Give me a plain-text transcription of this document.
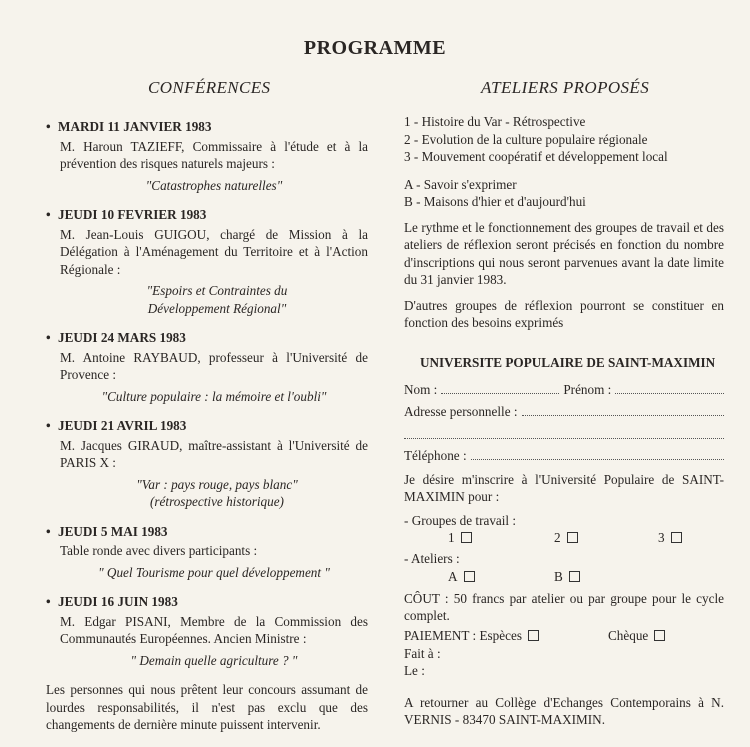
PROGRAMME
CONFÉRENCES	ATELIERS PROPOSÉS
• MARDI 11 JANVIER 1983
M. Haroun TAZIEFF, Commissaire à l'étude et à la prévention des risques naturels majeurs :
"Catastrophes naturelles"
• JEUDI 10 FEVRIER 1983
M. Jean-Louis GUIGOU, chargé de Mission à la Délégation à l'Aménagement du Territoire et à l'Action Régionale :
"Espoirs et Contraintes du Développement Régional"
• JEUDI 24 MARS 1983
M. Antoine RAYBAUD, professeur à l'Université de Provence :
"Culture populaire : la mémoire et l'oubli"
• JEUDI 21 AVRIL 1983
M. Jacques GIRAUD, maître-assistant à l'Université de PARIS X :
"Var : pays rouge, pays blanc" (rétrospective historique)
• JEUDI 5 MAI 1983
Table ronde avec divers participants :
" Quel Tourisme pour quel développement "
• JEUDI 16 JUIN 1983
M. Edgar PISANI, Membre de la Commission des Communautés Européennes. Ancien Ministre :
" Demain quelle agriculture ? "
Les personnes qui nous prêtent leur concours assumant de lourdes responsabilités, il n'est pas exclu que des changements de dernière minute puissent intervenir.
1 - Histoire du Var - Rétrospective
2 - Evolution de la culture populaire régionale
3 - Mouvement coopératif et développement local
A - Savoir s'exprimer
B - Maisons d'hier et d'aujourd'hui
Le rythme et le fonctionnement des groupes de travail et des ateliers de réflexion seront précisés en fonction du nombre d'inscriptions qui nous seront parvenues avant la date limite du 31 janvier 1983.
D'autres groupes de réflexion pourront se constituer en fonction des besoins exprimés
UNIVERSITE POPULAIRE DE SAINT-MAXIMIN
Nom :	Prénom :
Adresse personnelle :
Téléphone :
Je désire m'inscrire à l'Université Populaire de SAINT-MAXIMIN pour :
- Groupes de travail :
1	2	3
- Ateliers :
A	B
CÔUT : 50 francs par atelier ou par groupe pour le cycle complet.
PAIEMENT : Espèces	Chèque
Fait à :
Le :
A retourner au Collège d'Echanges Contemporains à N. VERNIS - 83470 SAINT-MAXIMIN.
